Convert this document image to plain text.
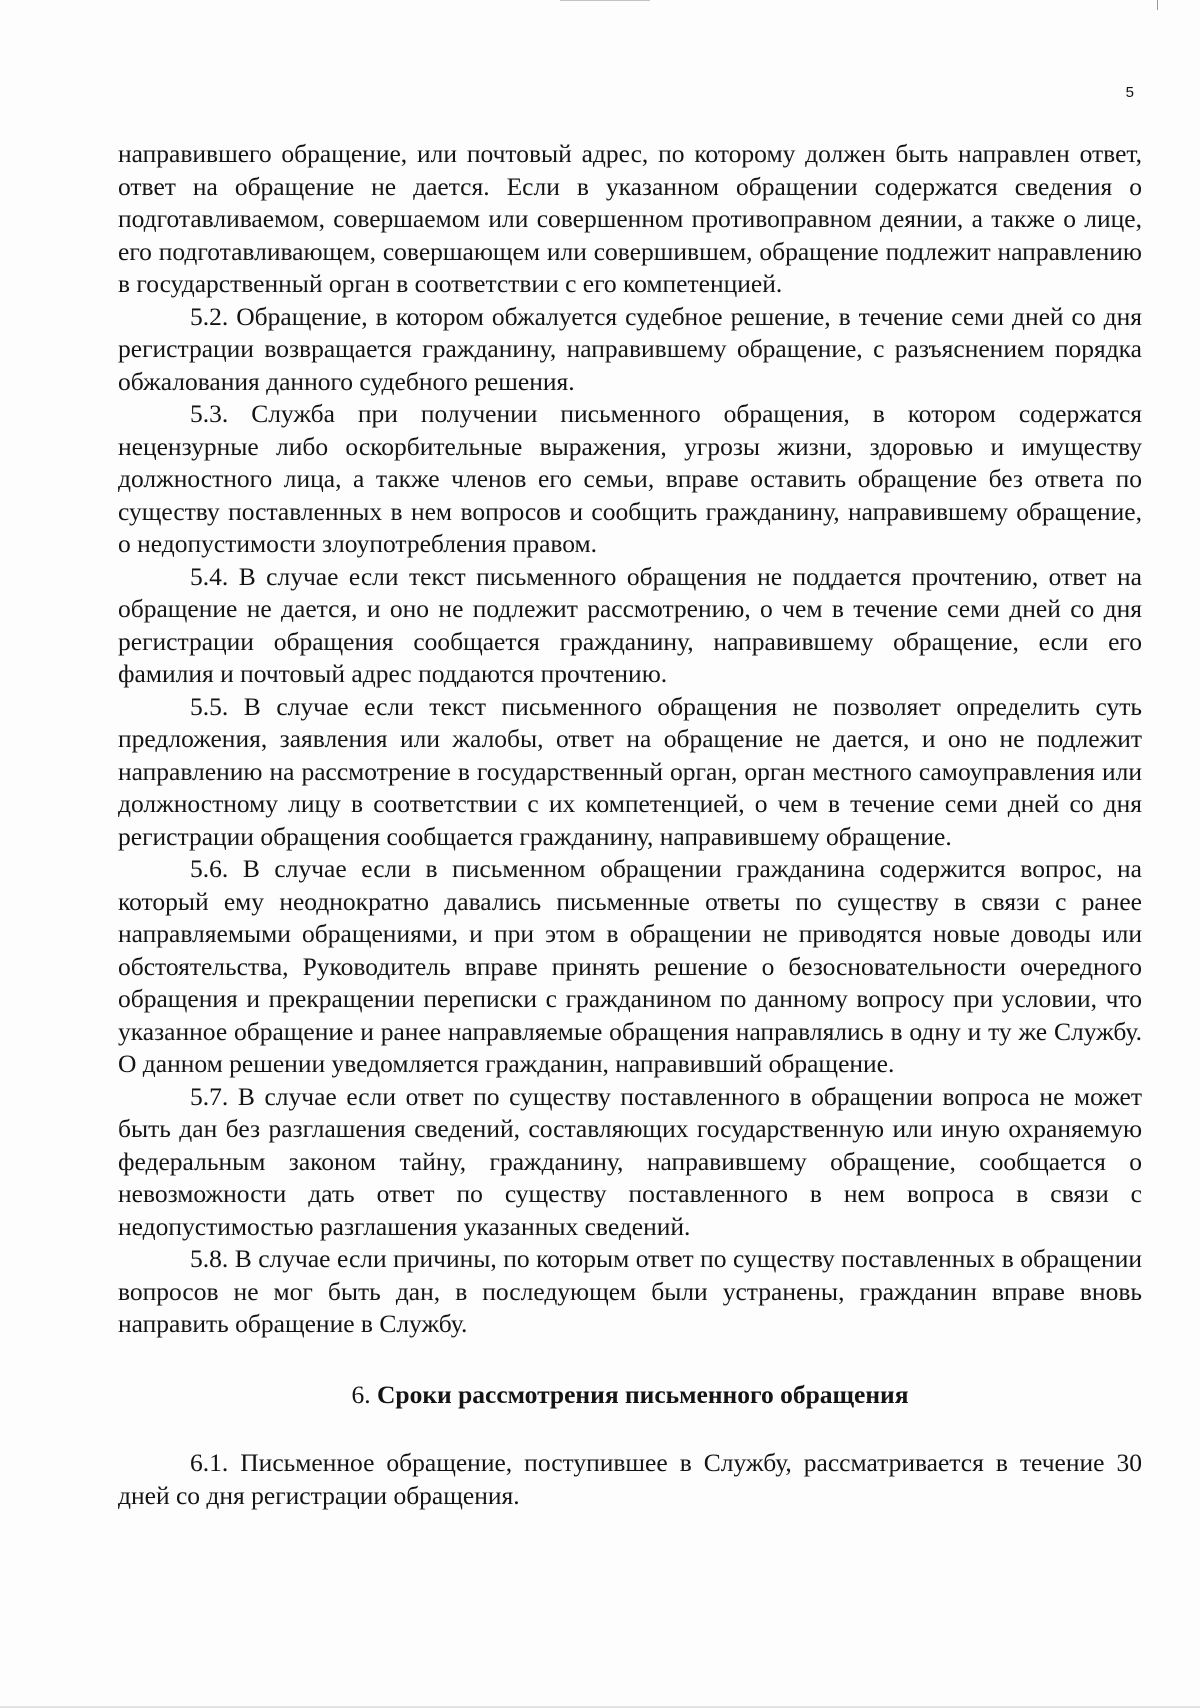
5

направившего обращение, или почтовый адрес, по которому должен быть направлен ответ, ответ на обращение не дается. Если в указанном обращении содержатся сведения о подготавливаемом, совершаемом или совершенном противоправном деянии, а также о лице, его подготавливающем, совершающем или совершившем, обращение подлежит направлению в государственный орган в соответствии с его компетенцией.

5.2. Обращение, в котором обжалуется судебное решение, в течение семи дней со дня регистрации возвращается гражданину, направившему обращение, с разъяснением порядка обжалования данного судебного решения.

5.3. Служба при получении письменного обращения, в котором содержатся нецензурные либо оскорбительные выражения, угрозы жизни, здоровью и имуществу должностного лица, а также членов его семьи, вправе оставить обращение без ответа по существу поставленных в нем вопросов и сообщить гражданину, направившему обращение, о недопустимости злоупотребления правом.

5.4. В случае если текст письменного обращения не поддается прочтению, ответ на обращение не дается, и оно не подлежит рассмотрению, о чем в течение семи дней со дня регистрации обращения сообщается гражданину, направившему обращение, если его фамилия и почтовый адрес поддаются прочтению.

5.5. В случае если текст письменного обращения не позволяет определить суть предложения, заявления или жалобы, ответ на обращение не дается, и оно не подлежит направлению на рассмотрение в государственный орган, орган местного самоуправления или должностному лицу в соответствии с их компетенцией, о чем в течение семи дней со дня регистрации обращения сообщается гражданину, направившему обращение.

5.6. В случае если в письменном обращении гражданина содержится вопрос, на который ему неоднократно давались письменные ответы по существу в связи с ранее направляемыми обращениями, и при этом в обращении не приводятся новые доводы или обстоятельства, Руководитель вправе принять решение о безосновательности очередного обращения и прекращении переписки с гражданином по данному вопросу при условии, что указанное обращение и ранее направляемые обращения направлялись в одну и ту же Службу. О данном решении уведомляется гражданин, направивший обращение.

5.7. В случае если ответ по существу поставленного в обращении вопроса не может быть дан без разглашения сведений, составляющих государственную или иную охраняемую федеральным законом тайну, гражданину, направившему обращение, сообщается о невозможности дать ответ по существу поставленного в нем вопроса в связи с недопустимостью разглашения указанных сведений.

5.8. В случае если причины, по которым ответ по существу поставленных в обращении вопросов не мог быть дан, в последующем были устранены, гражданин вправе вновь направить обращение в Службу.

6. Сроки рассмотрения письменного обращения

6.1. Письменное обращение, поступившее в Службу, рассматривается в течение 30 дней со дня регистрации обращения.
